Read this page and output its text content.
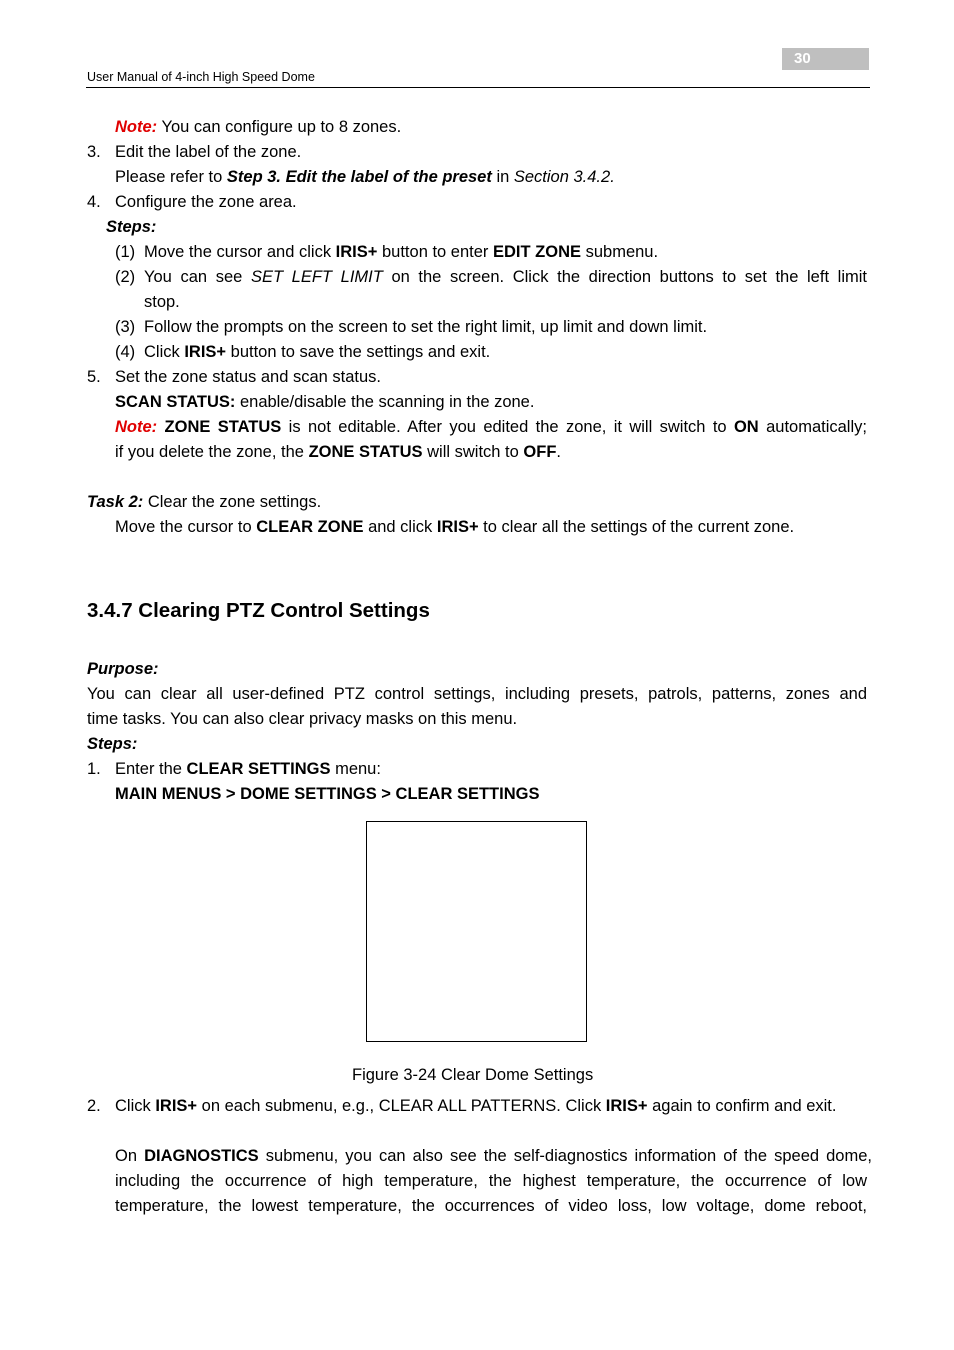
30
User Manual of 4-inch High Speed Dome
Note: You can configure up to 8 zones.
3. Edit the label of the zone.
Please refer to Step 3. Edit the label of the preset in Section 3.4.2.
4. Configure the zone area.
Steps:
(1) Move the cursor and click IRIS+ button to enter EDIT ZONE submenu.
(2) You can see SET LEFT LIMIT on the screen. Click the direction buttons to set the left limit
stop.
(3) Follow the prompts on the screen to set the right limit, up limit and down limit.
(4) Click IRIS+ button to save the settings and exit.
5. Set the zone status and scan status.
SCAN STATUS: enable/disable the scanning in the zone.
Note: ZONE STATUS is not editable. After you edited the zone, it will switch to ON automatically;
if you delete the zone, the ZONE STATUS will switch to OFF.
Task 2: Clear the zone settings.
Move the cursor to CLEAR ZONE and click IRIS+ to clear all the settings of the current zone.
3.4.7 Clearing PTZ Control Settings
Purpose:
You can clear all user-defined PTZ control settings, including presets, patrols, patterns, zones and
time tasks. You can also clear privacy masks on this menu.
Steps:
1. Enter the CLEAR SETTINGS menu:
MAIN MENUS > DOME SETTINGS > CLEAR SETTINGS
Figure 3-24 Clear Dome Settings
2. Click IRIS+ on each submenu, e.g., CLEAR ALL PATTERNS. Click IRIS+ again to confirm and exit.
On DIAGNOSTICS submenu, you can also see the self-diagnostics information of the speed dome,
including the occurrence of high temperature, the highest temperature, the occurrence of low
temperature, the lowest temperature, the occurrences of video loss, low voltage, dome reboot,
